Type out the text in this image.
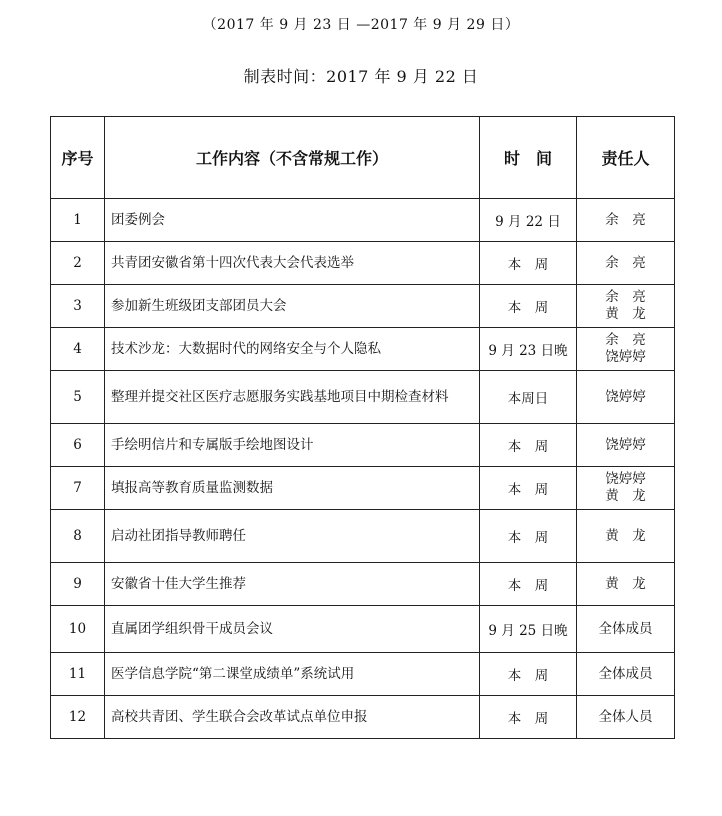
（2017 年 9 月 23 日 —2017 年 9 月 29 日）
制表时间：2017 年 9 月 22 日
序号	工作内容（不含常规工作）	时　间	责任人
1	团委例会	9 月 22 日	余　亮

2	共青团安徽省第十四次代表大会代表选举	本　周	余　亮

3	参加新生班级团支部团员大会	本　周	余　亮
黄　龙

4	技术沙龙：大数据时代的网络安全与个人隐私	9 月 23 日晚	余　亮
饶婷婷

5	整理并提交社区医疗志愿服务实践基地项目中期检查材料	本周日	饶婷婷

6	手绘明信片和专属版手绘地图设计	本　周	饶婷婷

7	填报高等教育质量监测数据	本　周	饶婷婷
黄　龙

8	启动社团指导教师聘任	本　周	黄　龙

9	安徽省十佳大学生推荐	本　周	黄　龙

10	直属团学组织骨干成员会议	9 月 25 日晚	全体成员

11	医学信息学院“第二课堂成绩单”系统试用	本　周	全体成员

12	高校共青团、学生联合会改革试点单位申报	本　周	全体人员
